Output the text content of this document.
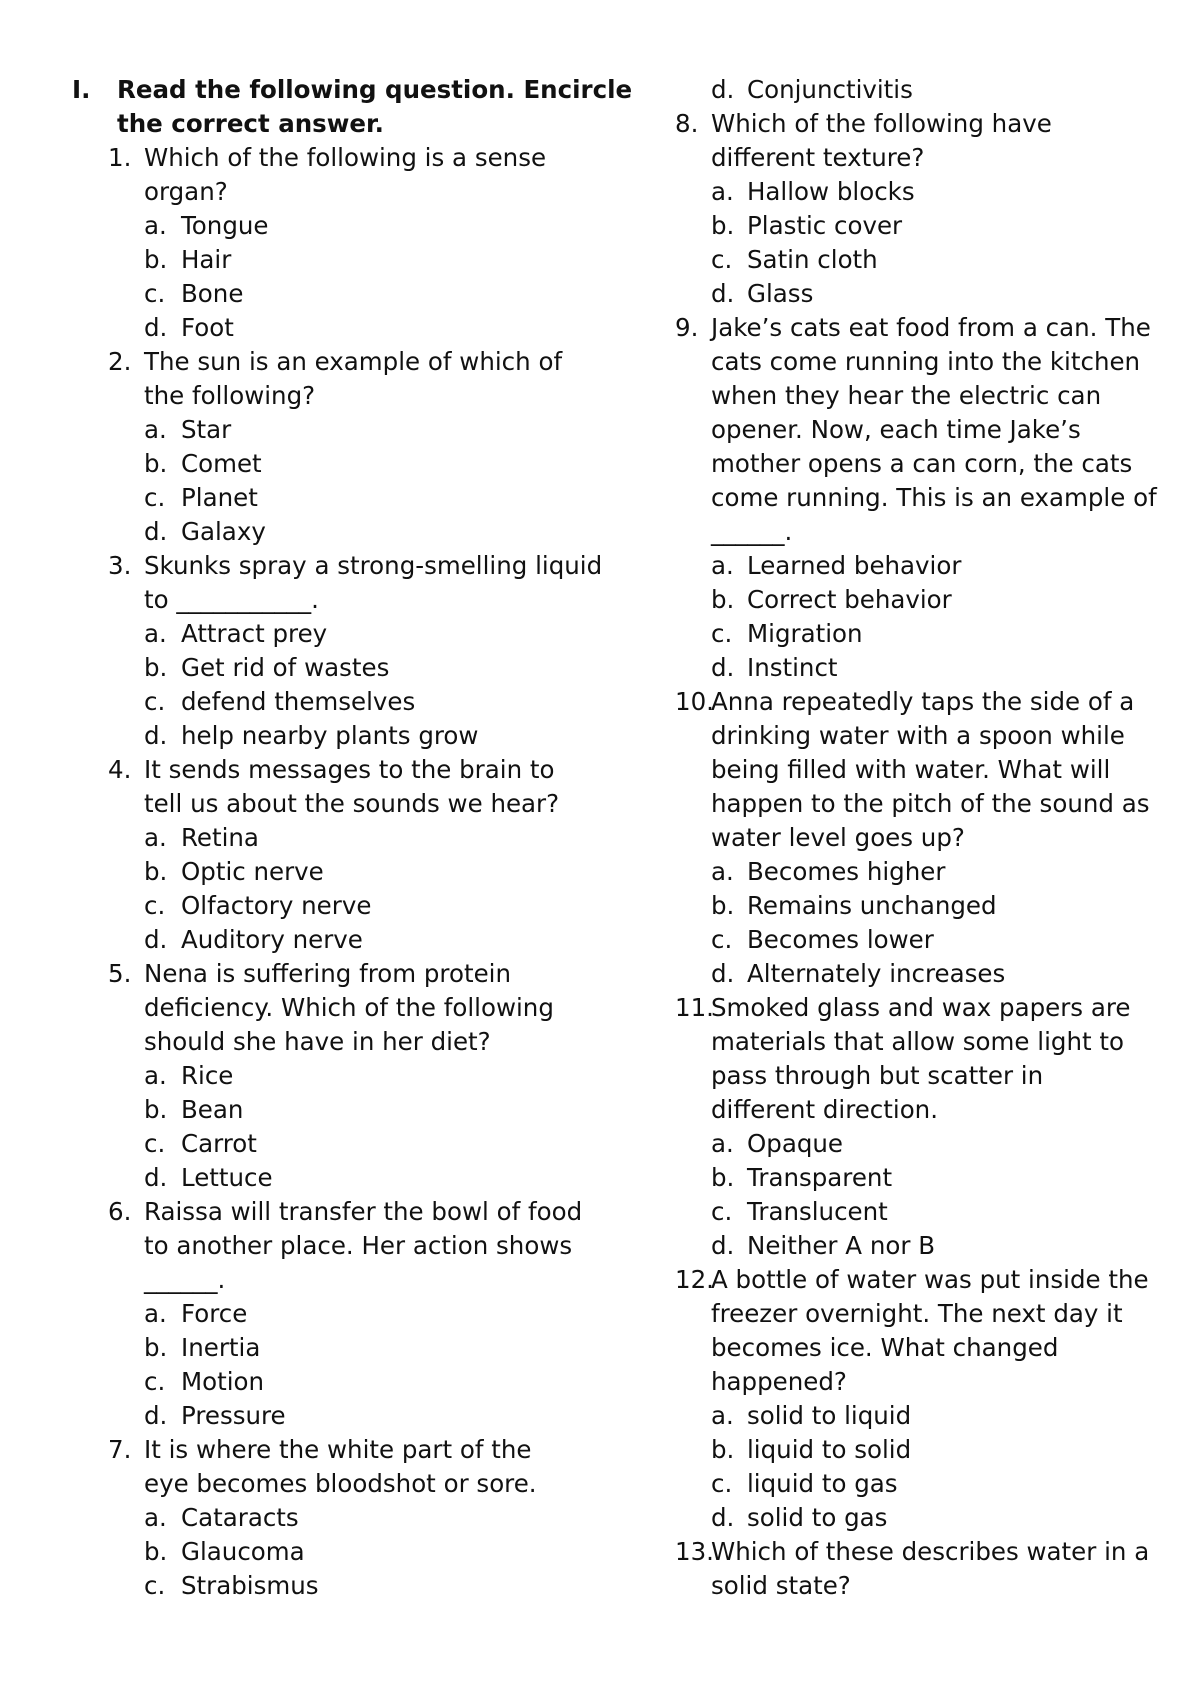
I. Read the following question. Encircle
the correct answer.
1. Which of the following is a sense
organ?
a. Tongue
b. Hair
c. Bone
d. Foot
2. The sun is an example of which of
the following?
a. Star
b. Comet
c. Planet
d. Galaxy
3. Skunks spray a strong-smelling liquid
to ___________.
a. Attract prey
b. Get rid of wastes
c. defend themselves
d. help nearby plants grow
4. It sends messages to the brain to
tell us about the sounds we hear?
a. Retina
b. Optic nerve
c. Olfactory nerve
d. Auditory nerve
5. Nena is suffering from protein
deficiency. Which of the following
should she have in her diet?
a. Rice
b. Bean
c. Carrot
d. Lettuce
6. Raissa will transfer the bowl of food
to another place. Her action shows
______.
a. Force
b. Inertia
c. Motion
d. Pressure
7. It is where the white part of the
eye becomes bloodshot or sore.
a. Cataracts
b. Glaucoma
c. Strabismus
d. Conjunctivitis
8. Which of the following have
different texture?
a. Hallow blocks
b. Plastic cover
c. Satin cloth
d. Glass
9. Jake’s cats eat food from a can. The
cats come running into the kitchen
when they hear the electric can
opener. Now, each time Jake’s
mother opens a can corn, the cats
come running. This is an example of
______.
a. Learned behavior
b. Correct behavior
c. Migration
d. Instinct
10.
Anna repeatedly taps the side of a
drinking water with a spoon while
being filled with water. What will
happen to the pitch of the sound as
water level goes up?
a. Becomes higher
b. Remains unchanged
c. Becomes lower
d. Alternately increases
11.
Smoked glass and wax papers are
materials that allow some light to
pass through but scatter in
different direction.
a. Opaque
b. Transparent
c. Translucent
d. Neither A nor B
12.
A bottle of water was put inside the
freezer overnight. The next day it
becomes ice. What changed
happened?
a. solid to liquid
b. liquid to solid
c. liquid to gas
d. solid to gas
13.
Which of these describes water in a
solid state?
